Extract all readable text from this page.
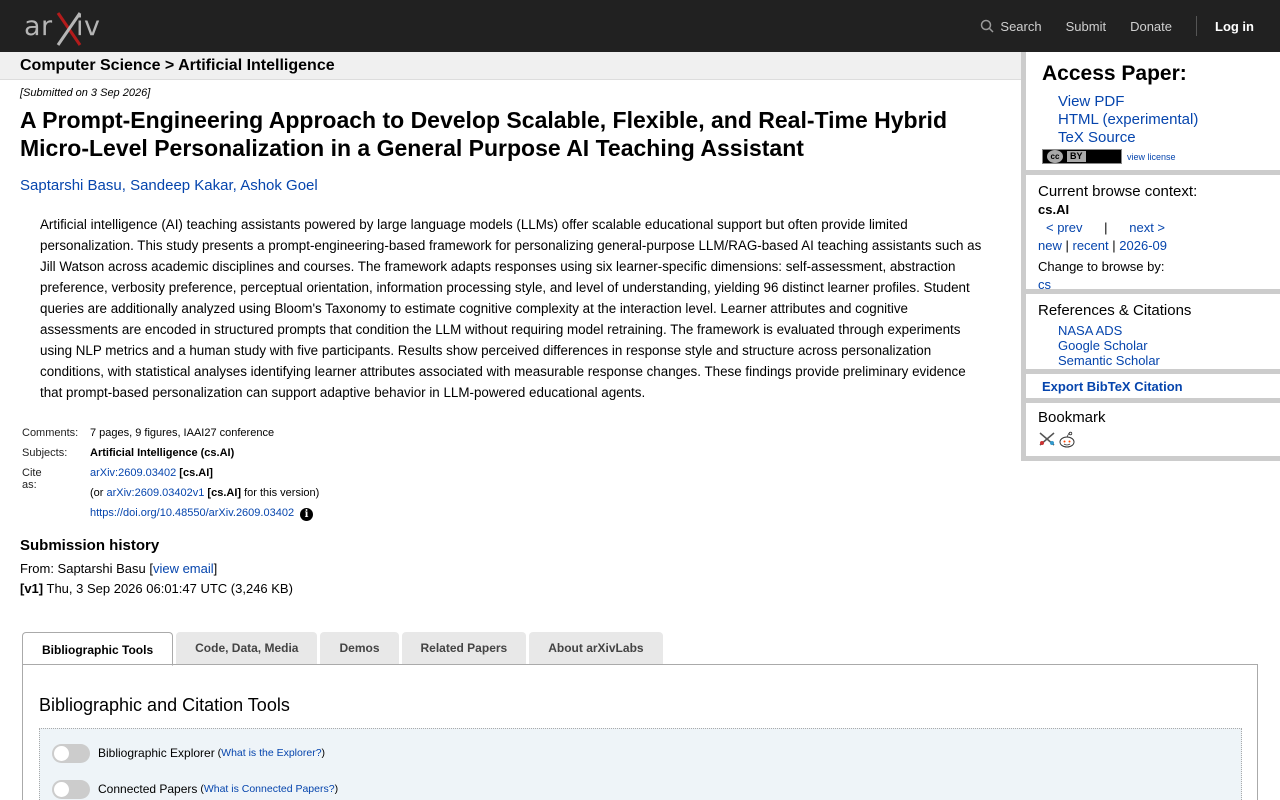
ar iv	Search Submit Donate	Log in
Computer Science > Artificial Intelligence
[Submitted on 3 Sep 2026]
A Prompt-Engineering Approach to Develop Scalable, Flexible, and Real-Time Hybrid Micro-Level Personalization in a General Purpose AI Teaching Assistant
Saptarshi Basu, Sandeep Kakar, Ashok Goel
Artificial intelligence (AI) teaching assistants powered by large language models (LLMs) offer scalable educational support but often provide limited personalization. This study presents a prompt-engineering-based framework for personalizing general-purpose LLM/RAG-based AI teaching assistants such as Jill Watson across academic disciplines and courses. The framework adapts responses using six learner-specific dimensions: self-assessment, abstraction preference, verbosity preference, perceptual orientation, information processing style, and level of understanding, yielding 96 distinct learner profiles. Student queries are additionally analyzed using Bloom's Taxonomy to estimate cognitive complexity at the interaction level. Learner attributes and cognitive assessments are encoded in structured prompts that condition the LLM without requiring model retraining. The framework is evaluated through experiments using NLP metrics and a human study with five participants. Results show perceived differences in response style and structure across personalization conditions, with statistical analyses identifying learner attributes associated with measurable response changes. These findings provide preliminary evidence that prompt-based personalization can support adaptive behavior in LLM-powered educational agents.
Comments: 7 pages, 9 figures, IAAI27 conference
Subjects: Artificial Intelligence (cs.AI)
Cite as:
arXiv:2609.03402 [cs.AI]
(or arXiv:2609.03402v1 [cs.AI] for this version)
https://doi.org/10.48550/arXiv.2609.03402 i
Submission history
From: Saptarshi Basu [view email]
[v1] Thu, 3 Sep 2026 06:01:47 UTC (3,246 KB)
Bibliographic Tools	Code, Data, Media	Demos	Related Papers	About arXivLabs
Bibliographic and Citation Tools
Bibliographic Explorer (What is the Explorer?)
Connected Papers (What is Connected Papers?)
Access Paper:
View PDF
HTML (experimental)
TeX Source
cc	BY	view license
Current browse context:
cs.AI
< prev | next >
new | recent | 2026-09
Change to browse by:
cs
References & Citations
NASA ADS
Google Scholar
Semantic Scholar
Export BibTeX Citation
Bookmark
